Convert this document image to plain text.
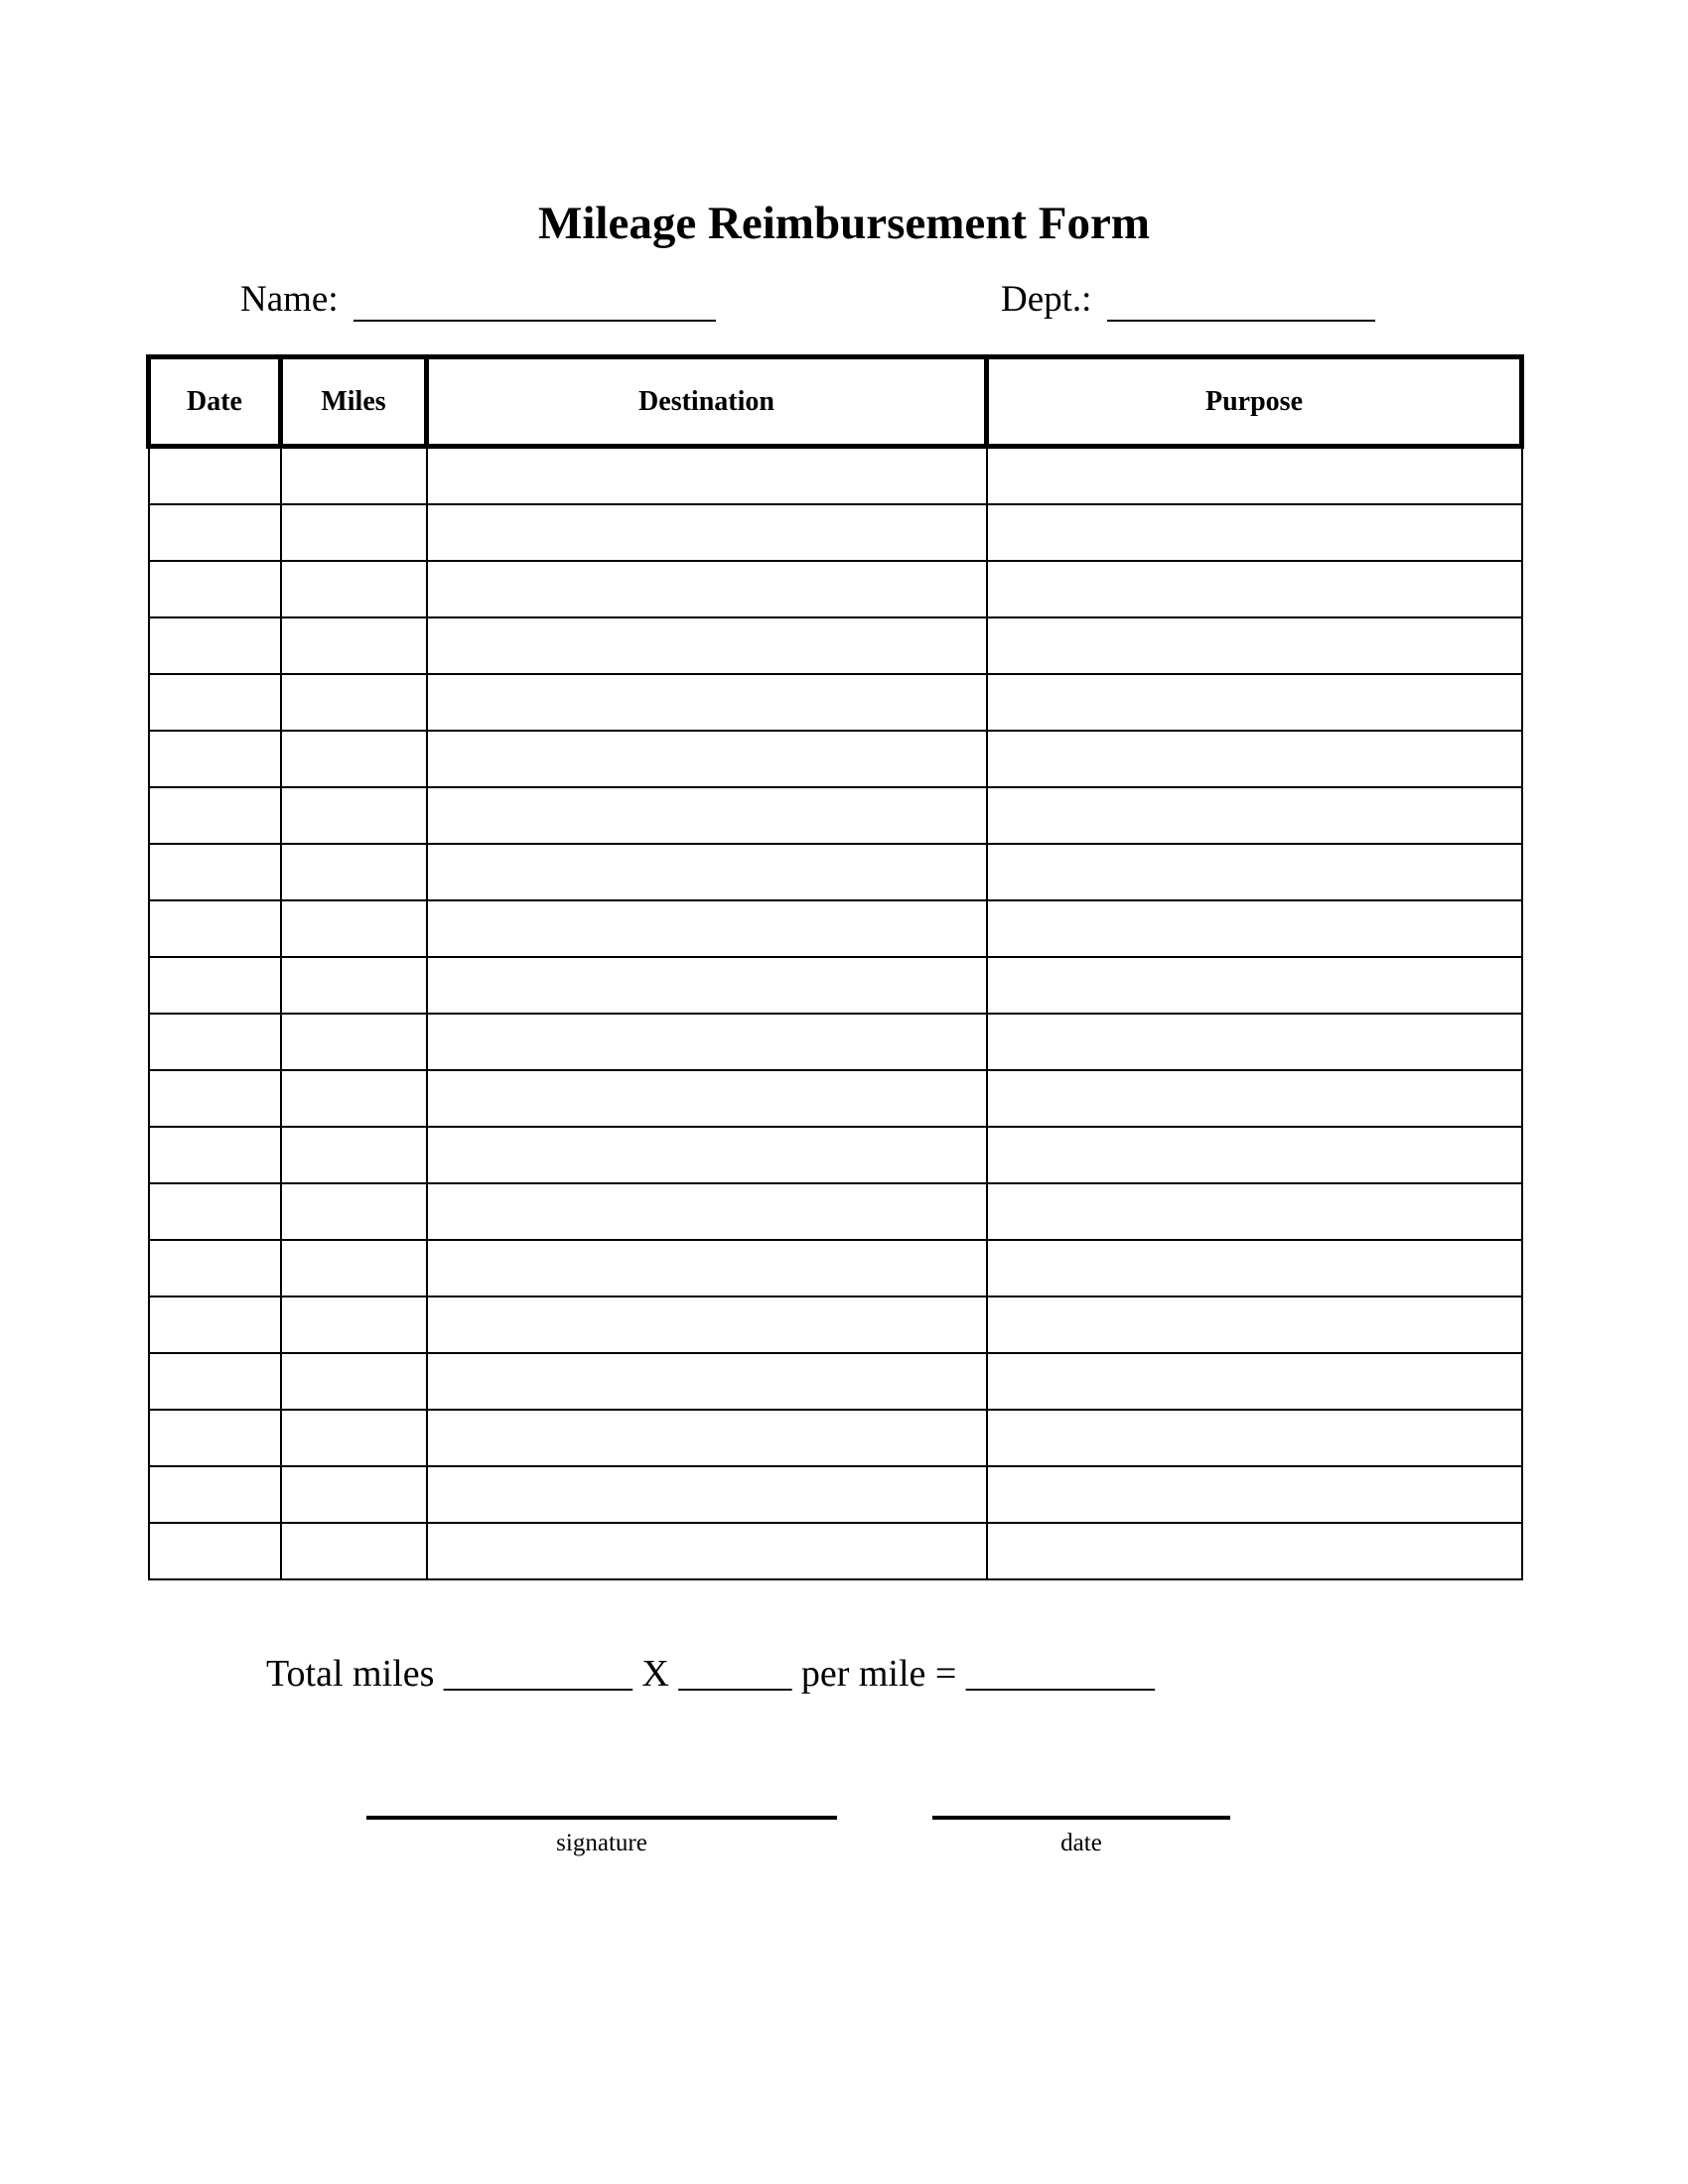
Mileage Reimbursement Form
Name:	Dept.:
Date	Miles	Destination	Purpose

Total miles __________ X ______ per mile = __________
signature	date
